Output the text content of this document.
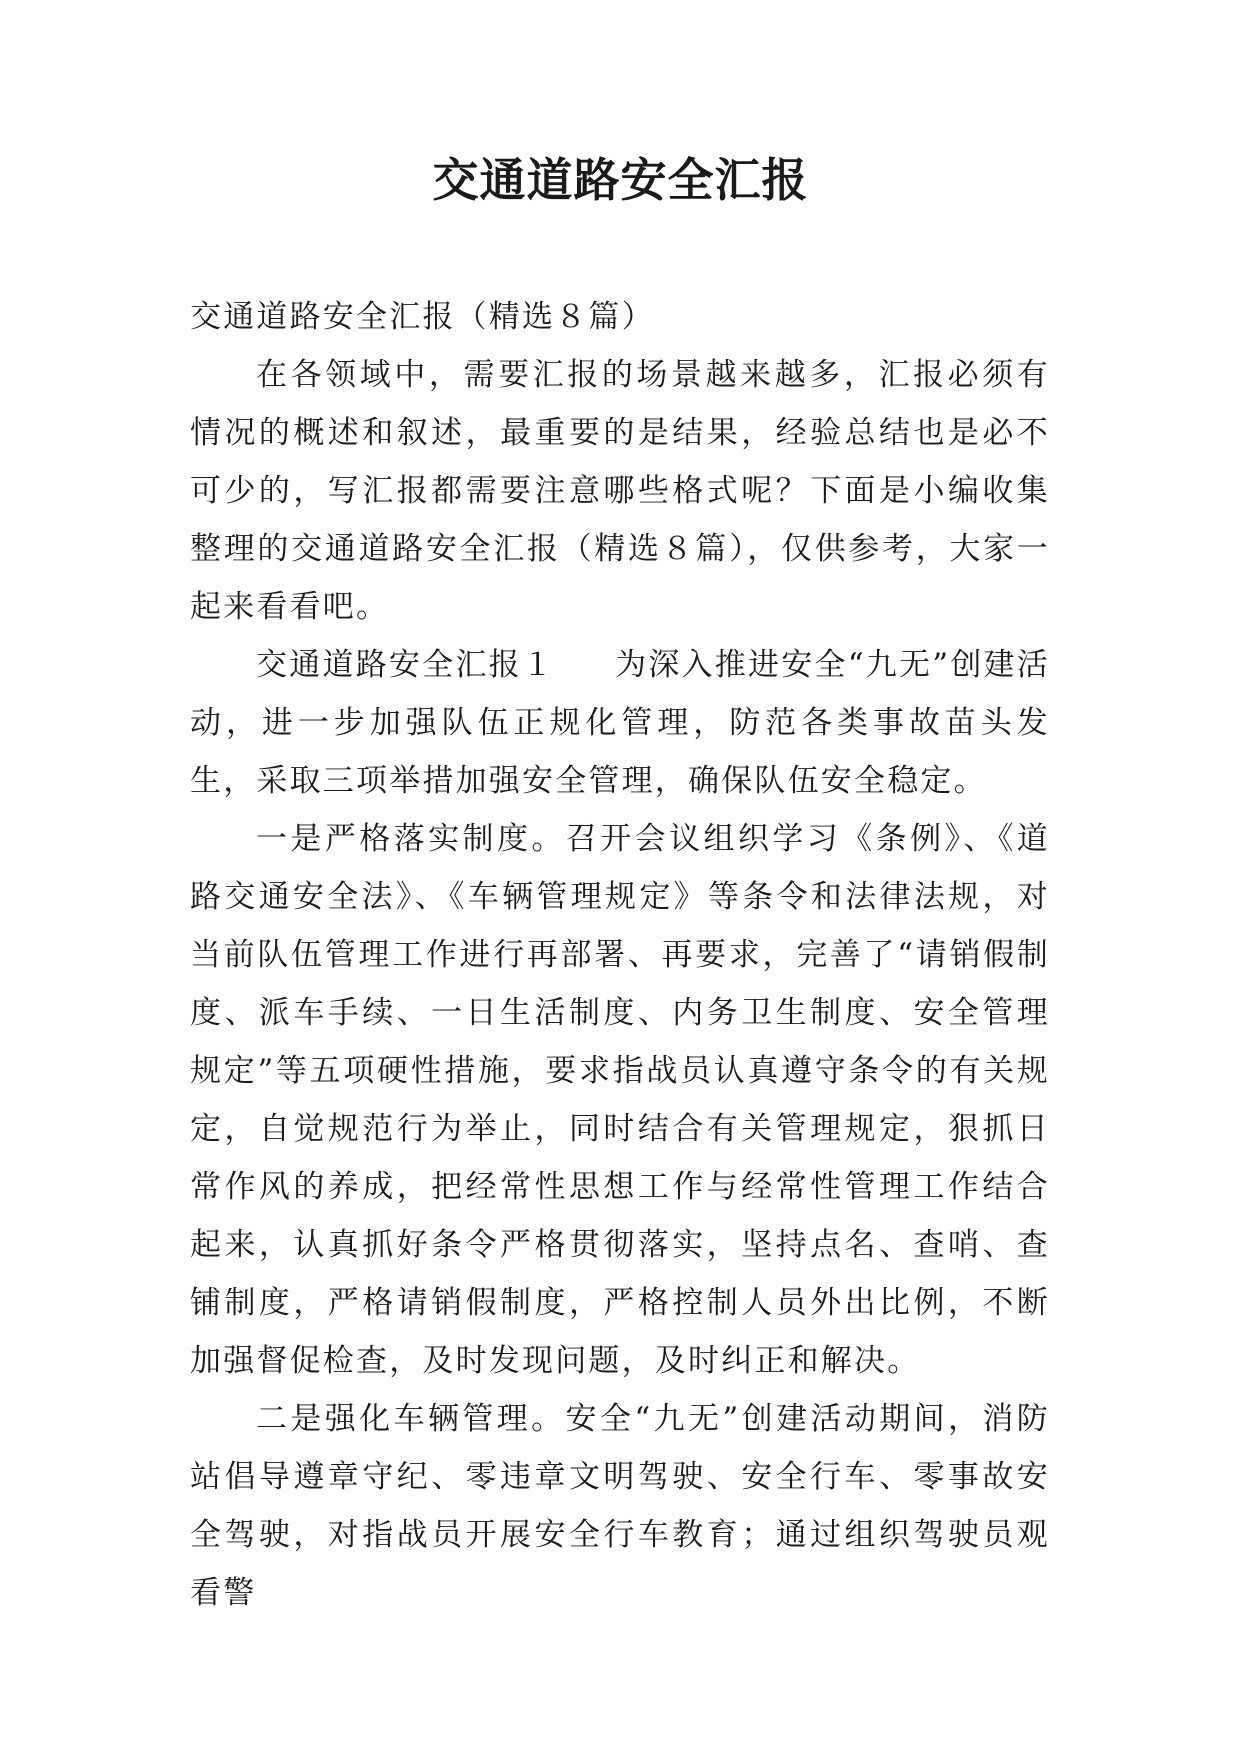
交通道路安全汇报

交通道路安全汇报（精选８篇）

在各领域中，需要汇报的场景越来越多，汇报必须有情况的概述和叙述，最重要的是结果，经验总结也是必不可少的，写汇报都需要注意哪些格式呢？下面是小编收集整理的交通道路安全汇报（精选８篇），仅供参考，大家一起来看看吧。

交通道路安全汇报１ 为深入推进安全“九无”创建活动，进一步加强队伍正规化管理，防范各类事故苗头发生，采取三项举措加强安全管理，确保队伍安全稳定。

一是严格落实制度。召开会议组织学习《条例》、《道路交通安全法》、《车辆管理规定》等条令和法律法规，对当前队伍管理工作进行再部署、再要求，完善了“请销假制度、派车手续、一日生活制度、内务卫生制度、安全管理规定”等五项硬性措施，要求指战员认真遵守条令的有关规定，自觉规范行为举止，同时结合有关管理规定，狠抓日常作风的养成，把经常性思想工作与经常性管理工作结合起来，认真抓好条令严格贯彻落实，坚持点名、查哨、查铺制度，严格请销假制度，严格控制人员外出比例，不断加强督促检查，及时发现问题，及时纠正和解决。

二是强化车辆管理。安全“九无”创建活动期间，消防站倡导遵章守纪、零违章文明驾驶、安全行车、零事故安全驾驶，对指战员开展安全行车教育；通过组织驾驶员观看警
